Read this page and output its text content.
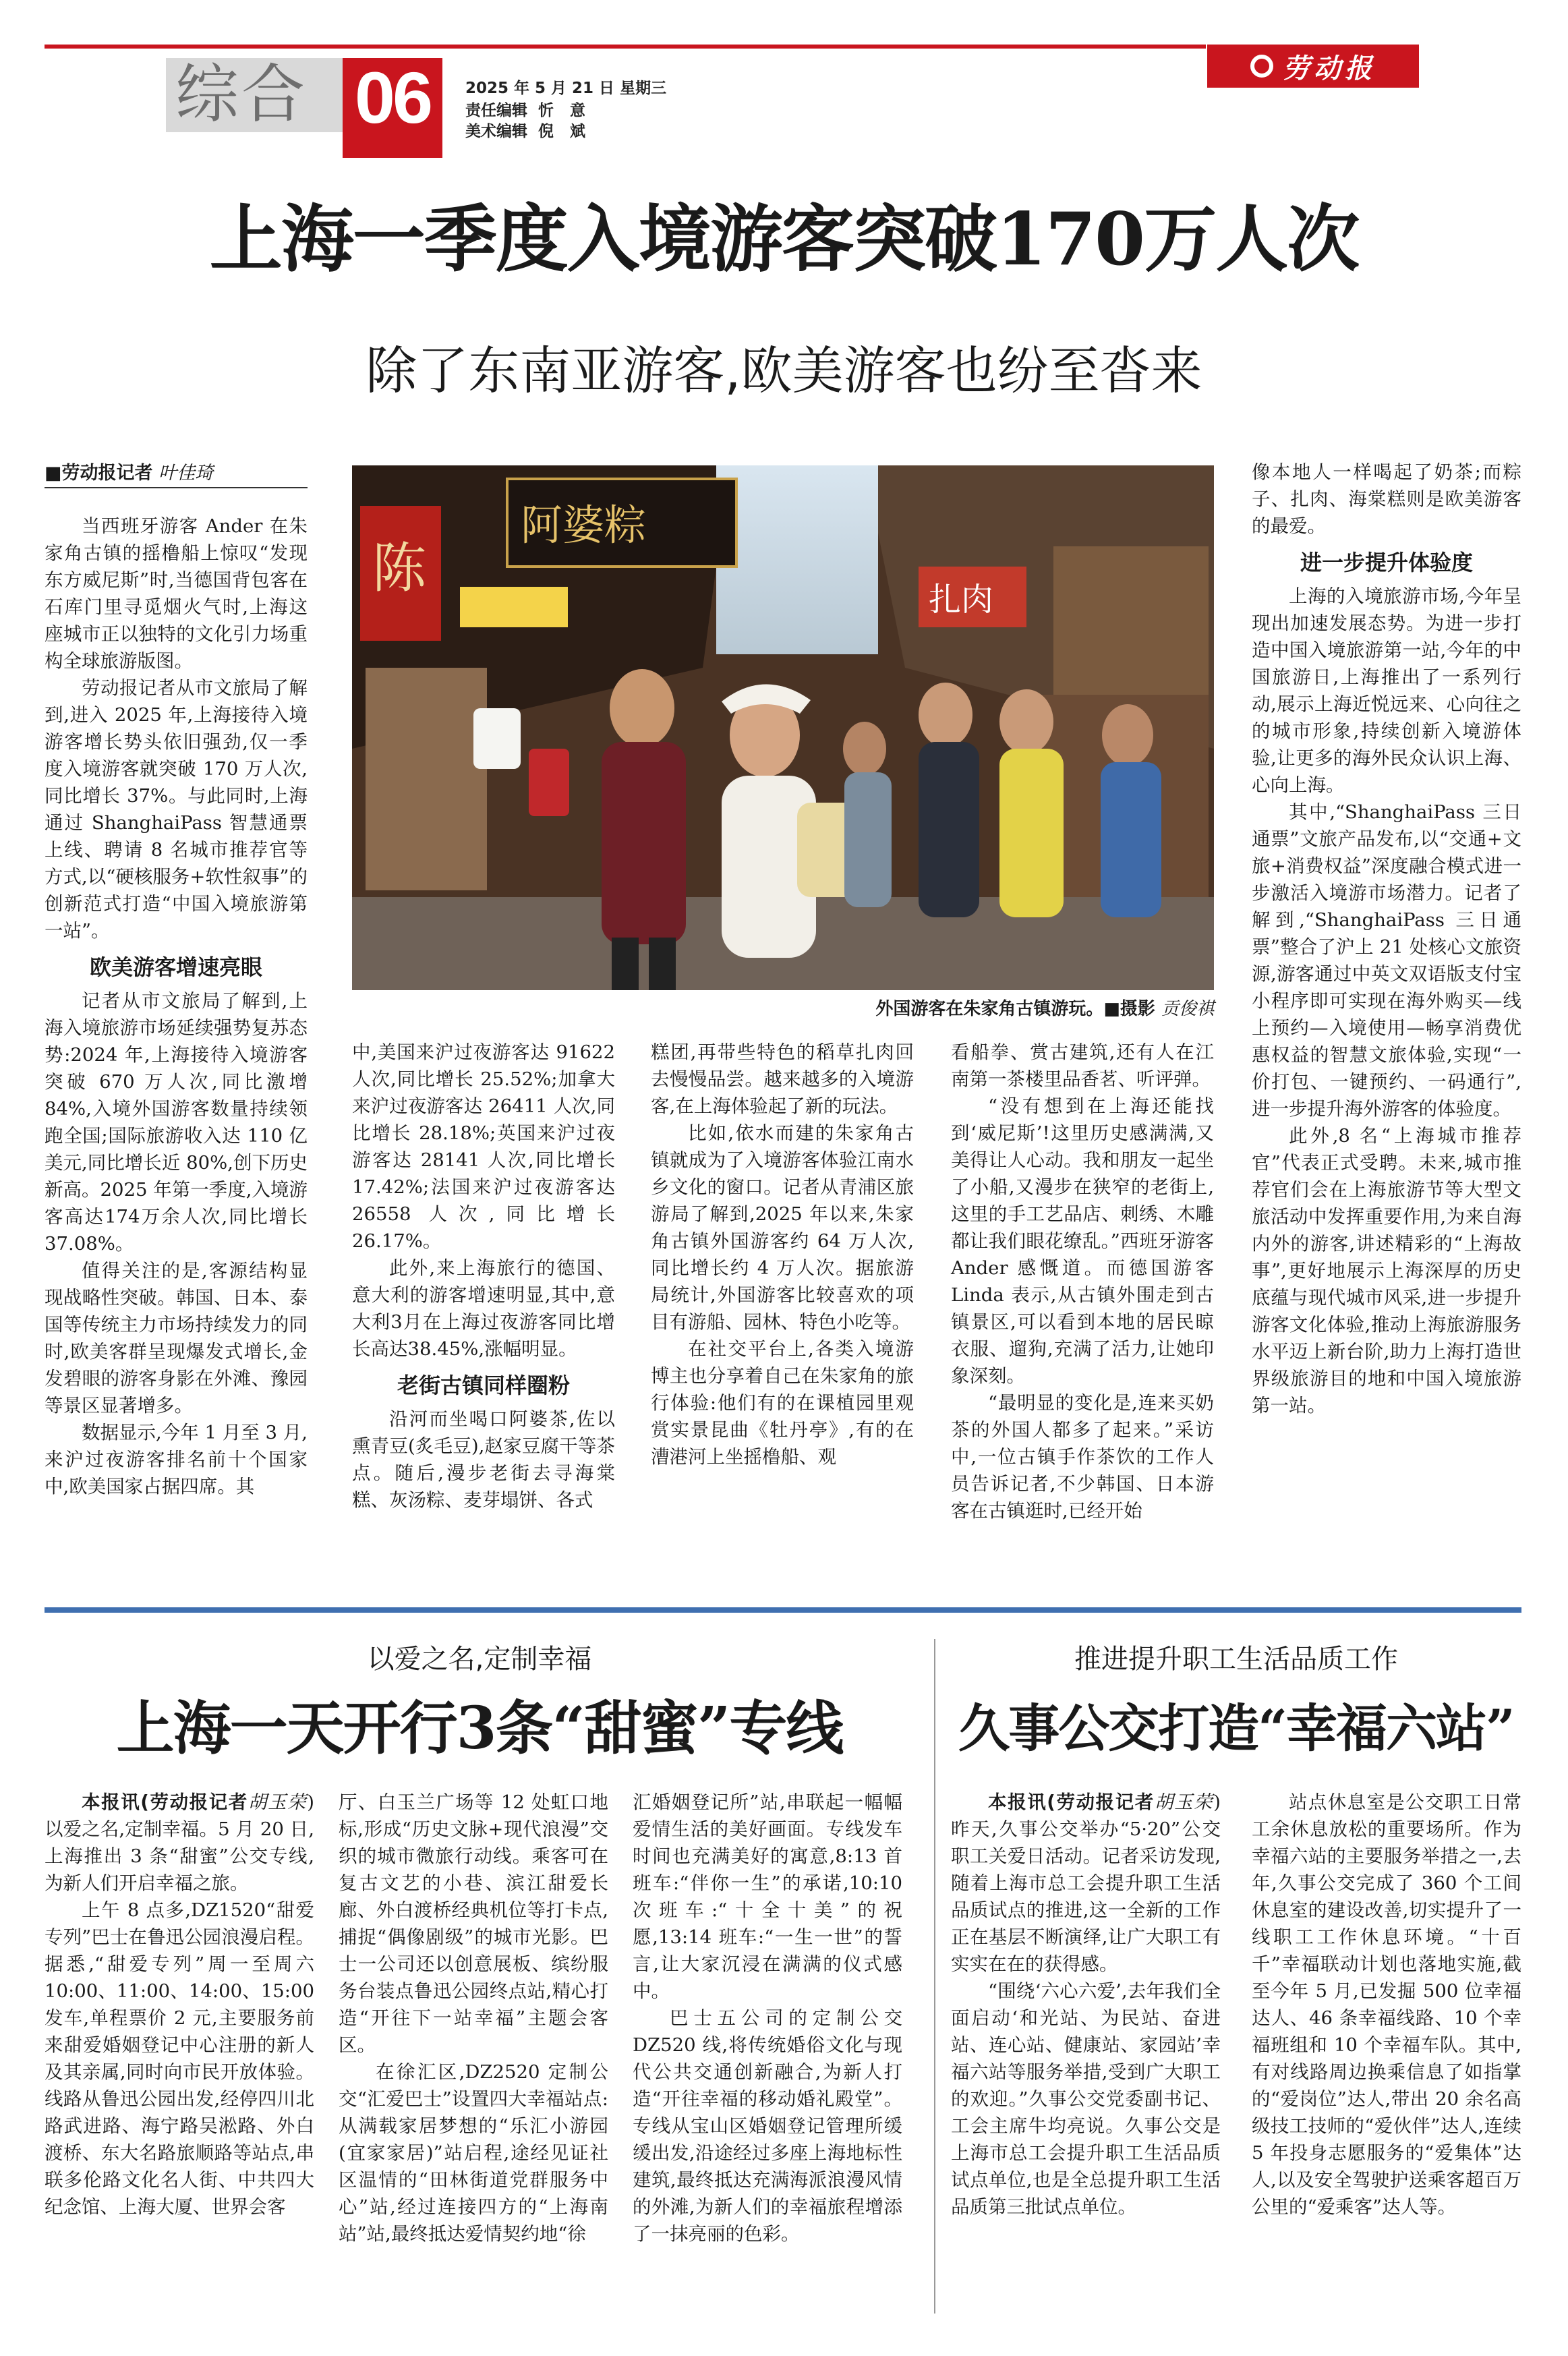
综合 06	2025 年 5 月 21 日 星期三
责任编辑  忻   意
美术编辑  倪   斌
劳动报
上海一季度入境游客突破170万人次
除了东南亚游客,欧美游客也纷至沓来
■劳动报记者 叶佳琦

当西班牙游客 Ander 在朱家角古镇的摇橹船上惊叹“发现东方威尼斯”时,当德国背包客在石库门里寻觅烟火气时,上海这座城市正以独特的文化引力场重构全球旅游版图。

劳动报记者从市文旅局了解到,进入 2025 年,上海接待入境游客增长势头依旧强劲,仅一季度入境游客就突破 170 万人次,同比增长 37%。与此同时,上海通过 ShanghaiPass 智慧通票上线、聘请 8 名城市推荐官等方式,以“硬核服务+软性叙事”的创新范式打造“中国入境旅游第一站”。

欧美游客增速亮眼

记者从市文旅局了解到,上海入境旅游市场延续强势复苏态势:2024 年,上海接待入境游客突破 670 万人次,同比激增 84%,入境外国游客数量持续领跑全国;国际旅游收入达 110 亿美元,同比增长近 80%,创下历史新高。2025 年第一季度,入境游客高达174万余人次,同比增长 37.08%。

值得关注的是,客源结构显现战略性突破。韩国、日本、泰国等传统主力市场持续发力的同时,欧美客群呈现爆发式增长,金发碧眼的游客身影在外滩、豫园等景区显著增多。

数据显示,今年 1 月至 3 月,来沪过夜游客排名前十个国家中,欧美国家占据四席。其

阿婆粽
陈	扎肉
外国游客在朱家角古镇游玩。■摄影 贡俊祺

中,美国来沪过夜游客达 91622 人次,同比增长 25.52%;加拿大来沪过夜游客达 26411 人次,同比增长 28.18%;英国来沪过夜游客达 28141 人次,同比增长 17.42%;法国来沪过夜游客达 26558 人次,同比增长 26.17%。

此外,来上海旅行的德国、意大利的游客增速明显,其中,意大利3月在上海过夜游客同比增长高达38.45%,涨幅明显。

老街古镇同样圈粉

沿河而坐喝口阿婆茶,佐以熏青豆(炙毛豆),赵家豆腐干等茶点。随后,漫步老街去寻海棠糕、灰汤粽、麦芽塌饼、各式

糕团,再带些特色的稻草扎肉回去慢慢品尝。越来越多的入境游客,在上海体验起了新的玩法。

比如,依水而建的朱家角古镇就成为了入境游客体验江南水乡文化的窗口。记者从青浦区旅游局了解到,2025 年以来,朱家角古镇外国游客约 64 万人次,同比增长约 4 万人次。据旅游局统计,外国游客比较喜欢的项目有游船、园林、特色小吃等。

在社交平台上,各类入境游博主也分享着自己在朱家角的旅行体验:他们有的在课植园里观赏实景昆曲《牡丹亭》,有的在漕港河上坐摇橹船、观

看船拳、赏古建筑,还有人在江南第一茶楼里品香茗、听评弹。

“没有想到在上海还能找到‘威尼斯’!这里历史感满满,又美得让人心动。我和朋友一起坐了小船,又漫步在狭窄的老街上,这里的手工艺品店、刺绣、木雕都让我们眼花缭乱。”西班牙游客 Ander 感慨道。而德国游客 Linda 表示,从古镇外围走到古镇景区,可以看到本地的居民晾衣服、遛狗,充满了活力,让她印象深刻。

“最明显的变化是,连来买奶茶的外国人都多了起来。”采访中,一位古镇手作茶饮的工作人员告诉记者,不少韩国、日本游客在古镇逛时,已经开始

像本地人一样喝起了奶茶;而粽子、扎肉、海棠糕则是欧美游客的最爱。

进一步提升体验度

上海的入境旅游市场,今年呈现出加速发展态势。为进一步打造中国入境旅游第一站,今年的中国旅游日,上海推出了一系列行动,展示上海近悦远来、心向往之的城市形象,持续创新入境游体验,让更多的海外民众认识上海、心向上海。

其中,“ShanghaiPass 三日通票”文旅产品发布,以“交通+文旅+消费权益”深度融合模式进一步激活入境游市场潜力。记者了解到,“ShanghaiPass 三日通票”整合了沪上 21 处核心文旅资源,游客通过中英文双语版支付宝小程序即可实现在海外购买—线上预约—入境使用—畅享消费优惠权益的智慧文旅体验,实现“一价打包、一键预约、一码通行”,进一步提升海外游客的体验度。

此外,8 名“上海城市推荐官”代表正式受聘。未来,城市推荐官们会在上海旅游节等大型文旅活动中发挥重要作用,为来自海内外的游客,讲述精彩的“上海故事”,更好地展示上海深厚的历史底蕴与现代城市风采,进一步提升游客文化体验,推动上海旅游服务水平迈上新台阶,助力上海打造世界级旅游目的地和中国入境旅游第一站。

以爱之名,定制幸福
上海一天开行3条“甜蜜”专线

本报讯(劳动报记者胡玉荣)以爱之名,定制幸福。5 月 20 日,上海推出 3 条“甜蜜”公交专线,为新人们开启幸福之旅。

上午 8 点多,DZ1520“甜爱专列”巴士在鲁迅公园浪漫启程。据悉,“甜爱专列”周一至周六10:00、11:00、14:00、15:00 发车,单程票价 2 元,主要服务前来甜爱婚姻登记中心注册的新人及其亲属,同时向市民开放体验。线路从鲁迅公园出发,经停四川北路武进路、海宁路吴淞路、外白渡桥、东大名路旅顺路等站点,串联多伦路文化名人街、中共四大纪念馆、上海大厦、世界会客

厅、白玉兰广场等 12 处虹口地标,形成“历史文脉+现代浪漫”交织的城市微旅行动线。乘客可在复古文艺的小巷、滨江甜爱长廊、外白渡桥经典机位等打卡点,捕捉“偶像剧级”的城市光影。巴士一公司还以创意展板、缤纷服务台装点鲁迅公园终点站,精心打造“开往下一站幸福”主题会客区。

在徐汇区,DZ2520 定制公交“汇爱巴士”设置四大幸福站点:从满载家居梦想的“乐汇小游园(宜家家居)”站启程,途经见证社区温情的“田林街道党群服务中心”站,经过连接四方的“上海南站”站,最终抵达爱情契约地“徐

汇婚姻登记所”站,串联起一幅幅爱情生活的美好画面。专线发车时间也充满美好的寓意,8:13 首班车:“伴你一生”的承诺,10:10 次班车:“十全十美”的祝愿,13:14 班车:“一生一世”的誓言,让大家沉浸在满满的仪式感中。

巴士五公司的定制公交 DZ520 线,将传统婚俗文化与现代公共交通创新融合,为新人打造“开往幸福的移动婚礼殿堂”。专线从宝山区婚姻登记管理所缓缓出发,沿途经过多座上海地标性建筑,最终抵达充满海派浪漫风情的外滩,为新人们的幸福旅程增添了一抹亮丽的色彩。

推进提升职工生活品质工作
久事公交打造“幸福六站”

本报讯(劳动报记者胡玉荣)昨天,久事公交举办“5·20”公交职工关爱日活动。记者采访发现,随着上海市总工会提升职工生活品质试点的推进,这一全新的工作正在基层不断演绎,让广大职工有实实在在的获得感。

“围绕‘六心六爱’,去年我们全面启动‘和光站、为民站、奋进站、连心站、健康站、家园站’幸福六站等服务举措,受到广大职工的欢迎。”久事公交党委副书记、工会主席牛均亮说。久事公交是上海市总工会提升职工生活品质试点单位,也是全总提升职工生活品质第三批试点单位。

站点休息室是公交职工日常工余休息放松的重要场所。作为幸福六站的主要服务举措之一,去年,久事公交完成了 360 个工间休息室的建设改善,切实提升了一线职工工作休息环境。“十百千”幸福联动计划也落地实施,截至今年 5 月,已发掘 500 位幸福达人、46 条幸福线路、10 个幸福班组和 10 个幸福车队。其中,有对线路周边换乘信息了如指掌的“爱岗位”达人,带出 20 余名高级技工技师的“爱伙伴”达人,连续 5 年投身志愿服务的“爱集体”达人,以及安全驾驶护送乘客超百万公里的“爱乘客”达人等。
